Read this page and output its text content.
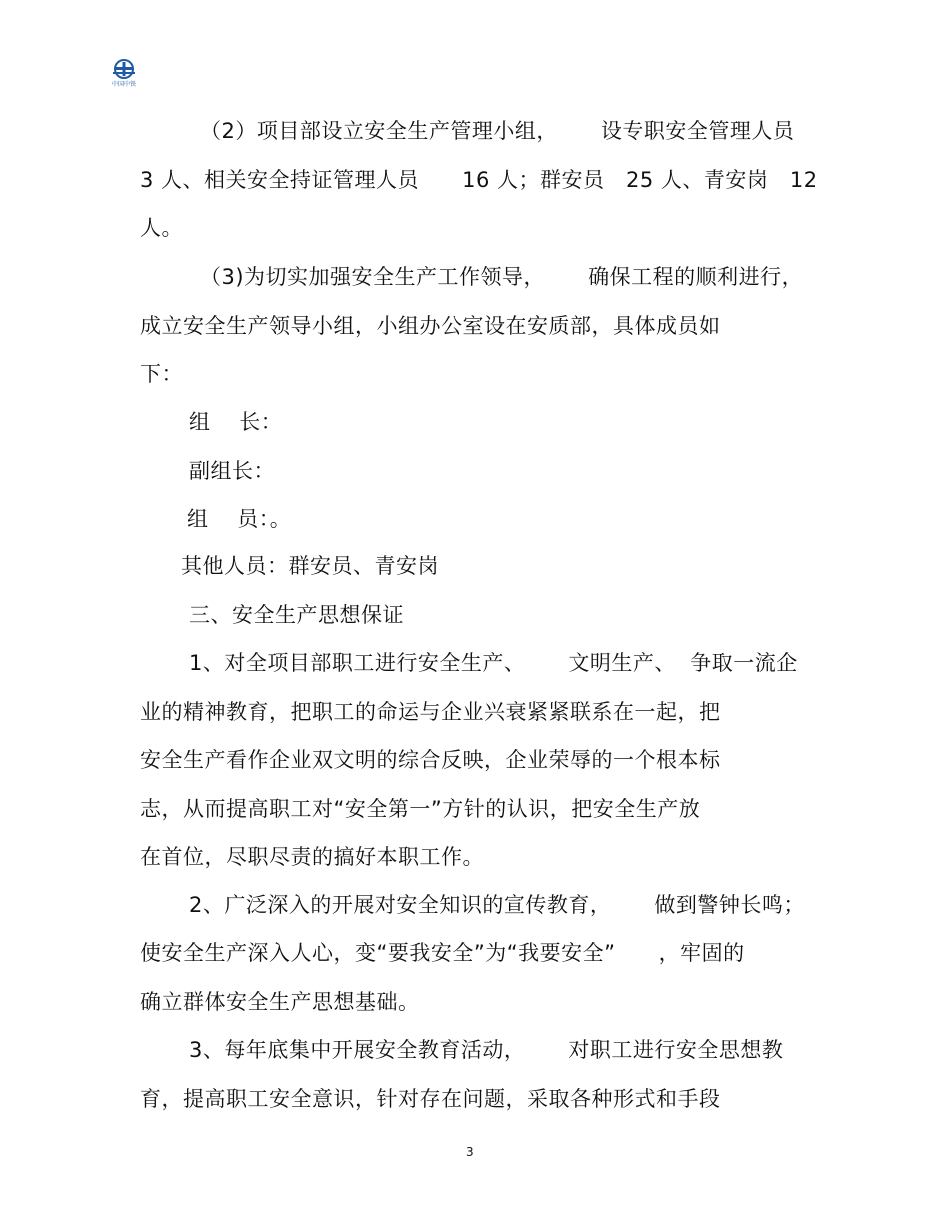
中国中铁
（2）项目部设立安全生产管理小组，      设专职安全管理人员
3 人、相关安全持证管理人员      16 人；群安员   25 人、青安岗   12
人。
（3)为切实加强安全生产工作领导，      确保工程的顺利进行，
成立安全生产领导小组，小组办公室设在安质部，具体成员如
下：
组    长：
副组长：
组    员：。
其他人员：群安员、青安岗
三、安全生产思想保证
1、对全项目部职工进行安全生产、      文明生产、  争取一流企
业的精神教育，把职工的命运与企业兴衰紧紧联系在一起，把
安全生产看作企业双文明的综合反映，企业荣辱的一个根本标
志，从而提高职工对“安全第一”方针的认识，把安全生产放
在首位，尽职尽责的搞好本职工作。
2、广泛深入的开展对安全知识的宣传教育，      做到警钟长鸣；
使安全生产深入人心，变“要我安全”为“我要安全”      ，牢固的
确立群体安全生产思想基础。
3、每年底集中开展安全教育活动，      对职工进行安全思想教
育，提高职工安全意识，针对存在问题，采取各种形式和手段
3
